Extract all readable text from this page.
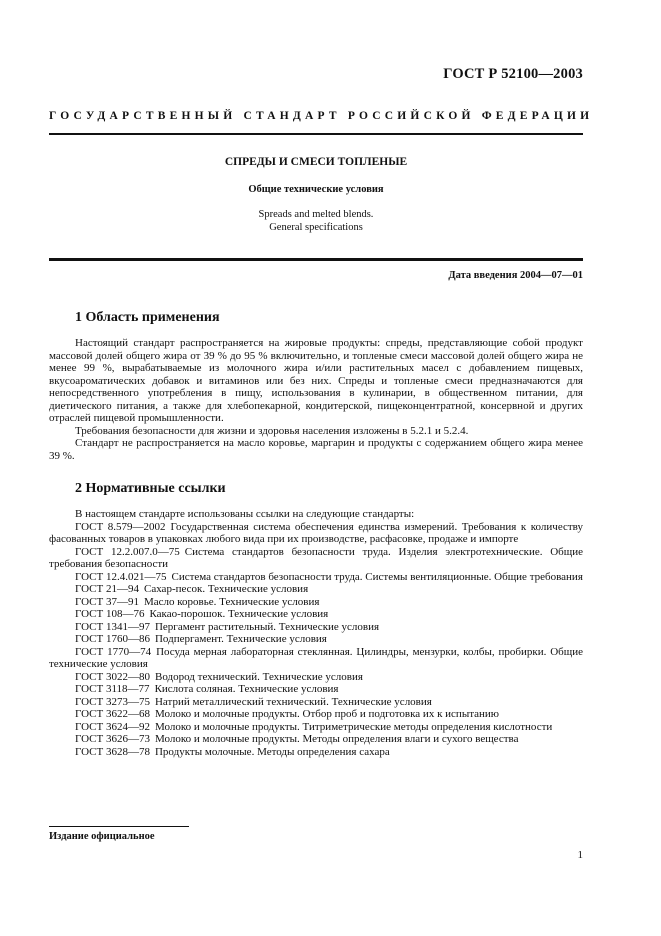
ГОСТ Р 52100—2003
ГОСУДАРСТВЕННЫЙ СТАНДАРТ РОССИЙСКОЙ ФЕДЕРАЦИИ
СПРЕДЫ И СМЕСИ ТОПЛЕНЫЕ
Общие технические условия
Spreads and melted blends.
General specifications
Дата введения 2004—07—01
1 Область применения

Настоящий стандарт распространяется на жировые продукты: спреды, представляющие собой продукт массовой долей общего жира от 39 % до 95 % включительно, и топленые смеси массовой долей общего жира не менее 99 %, вырабатываемые из молочного жира и/или растительных масел с добавлением пищевых, вкусоароматических добавок и витаминов или без них. Спреды и топленые смеси предназначаются для непосредственного употребления в пищу, использования в кулинарии, в общественном питании, для диетического питания, а также для хлебопекарной, кондитерской, пищеконцентратной, консервной и других отраслей пищевой промышленности.

Требования безопасности для жизни и здоровья населения изложены в 5.2.1 и 5.2.4.

Стандарт не распространяется на масло коровье, маргарин и продукты с содержанием общего жира менее 39 %.

2 Нормативные ссылки

В настоящем стандарте использованы ссылки на следующие стандарты:

ГОСТ 8.579—2002 Государственная система обеспечения единства измерений. Требования к количеству фасованных товаров в упаковках любого вида при их производстве, расфасовке, продаже и импорте
ГОСТ 12.2.007.0—75 Система стандартов безопасности труда. Изделия электротехнические. Общие требования безопасности
ГОСТ 12.4.021—75 Система стандартов безопасности труда. Системы вентиляционные. Общие требования
ГОСТ 21—94 Сахар-песок. Технические условия
ГОСТ 37—91 Масло коровье. Технические условия
ГОСТ 108—76 Какао-порошок. Технические условия
ГОСТ 1341—97 Пергамент растительный. Технические условия
ГОСТ 1760—86 Подпергамент. Технические условия
ГОСТ 1770—74 Посуда мерная лабораторная стеклянная. Цилиндры, мензурки, колбы, пробирки. Общие технические условия
ГОСТ 3022—80 Водород технический. Технические условия
ГОСТ 3118—77 Кислота соляная. Технические условия
ГОСТ 3273—75 Натрий металлический технический. Технические условия
ГОСТ 3622—68 Молоко и молочные продукты. Отбор проб и подготовка их к испытанию
ГОСТ 3624—92 Молоко и молочные продукты. Титриметрические методы определения кислотности
ГОСТ 3626—73 Молоко и молочные продукты. Методы определения влаги и сухого вещества
ГОСТ 3628—78 Продукты молочные. Методы определения сахара
Издание официальное
1
